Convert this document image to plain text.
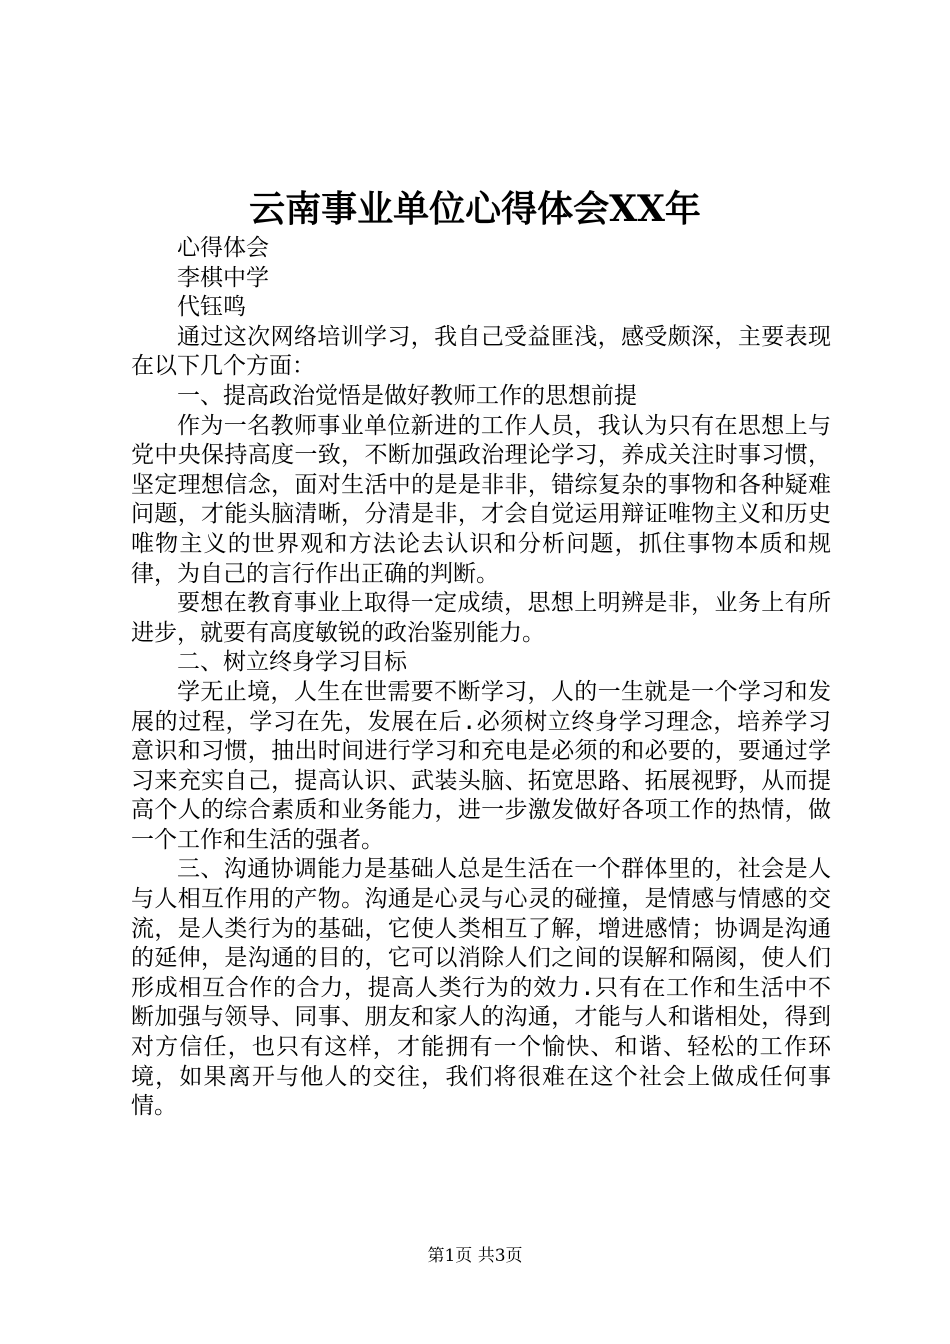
云南事业单位心得体会XX年

心得体会

李棋中学

代钰鸣

通过这次网络培训学习，我自己受益匪浅，感受颇深，主要表现在以下几个方面：

一、提高政治觉悟是做好教师工作的思想前提

作为一名教师事业单位新进的工作人员，我认为只有在思想上与党中央保持高度一致，不断加强政治理论学习，养成关注时事习惯，坚定理想信念，面对生活中的是是非非，错综复杂的事物和各种疑难问题，才能头脑清晰，分清是非，才会自觉运用辩证唯物主义和历史唯物主义的世界观和方法论去认识和分析问题，抓住事物本质和规律，为自己的言行作出正确的判断。

要想在教育事业上取得一定成绩，思想上明辨是非，业务上有所进步，就要有高度敏锐的政治鉴别能力。

二、树立终身学习目标

学无止境，人生在世需要不断学习，人的一生就是一个学习和发展的过程，学习在先，发展在后.必须树立终身学习理念，培养学习意识和习惯，抽出时间进行学习和充电是必须的和必要的，要通过学习来充实自己，提高认识、武装头脑、拓宽思路、拓展视野，从而提高个人的综合素质和业务能力，进一步激发做好各项工作的热情，做一个工作和生活的强者。

三、沟通协调能力是基础人总是生活在一个群体里的，社会是人与人相互作用的产物。沟通是心灵与心灵的碰撞，是情感与情感的交流，是人类行为的基础，它使人类相互了解，增进感情；协调是沟通的延伸，是沟通的目的，它可以消除人们之间的误解和隔阂，使人们形成相互合作的合力，提高人类行为的效力.只有在工作和生活中不断加强与领导、同事、朋友和家人的沟通，才能与人和谐相处，得到对方信任，也只有这样，才能拥有一个愉快、和谐、轻松的工作环境，如果离开与他人的交往，我们将很难在这个社会上做成任何事情。

第1页 共3页
